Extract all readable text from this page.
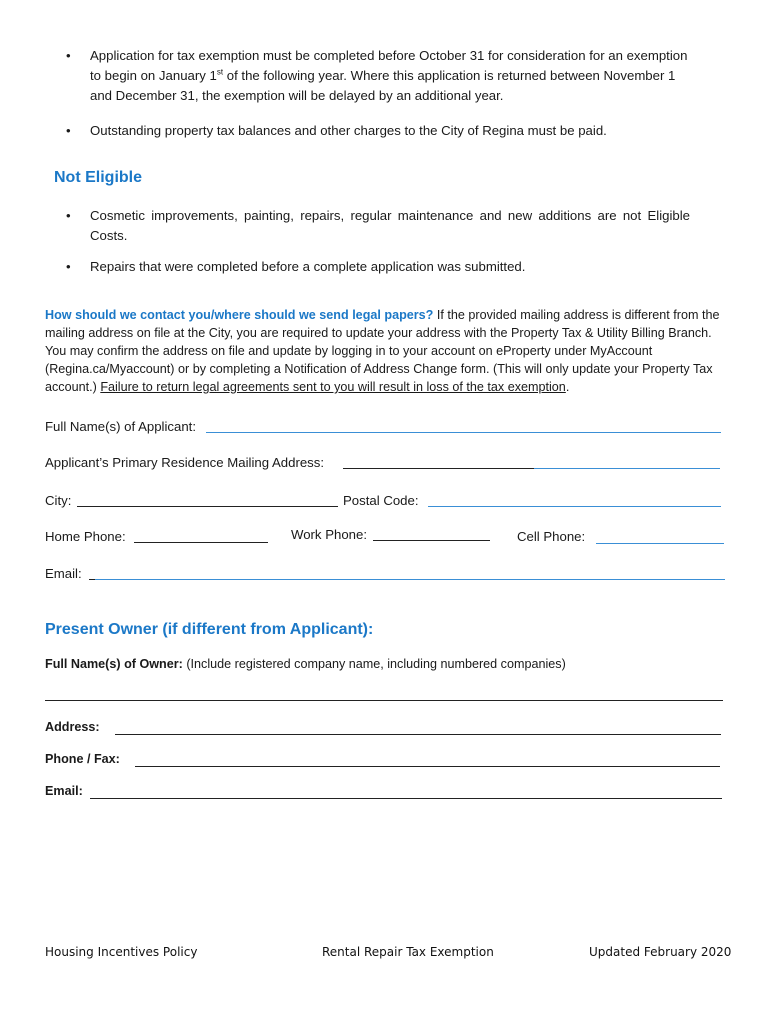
•	Application for tax exemption must be completed before October 31 for consideration for an exemption to begin on January 1st of the following year. Where this application is returned between November 1 and December 31, the exemption will be delayed by an additional year.
•	Outstanding property tax balances and other charges to the City of Regina must be paid.
Not Eligible
•	Cosmetic improvements, painting, repairs, regular maintenance and new additions are not Eligible Costs.
•	Repairs that were completed before a complete application was submitted.
How should we contact you/where should we send legal papers? If the provided mailing address is different from the mailing address on file at the City, you are required to update your address with the Property Tax & Utility Billing Branch. You may confirm the address on file and update by logging in to your account on eProperty under MyAccount (Regina.ca/Myaccount) or by completing a Notification of Address Change form. (This will only update your Property Tax account.) Failure to return legal agreements sent to you will result in loss of the tax exemption.
Full Name(s) of Applicant:
Applicant’s Primary Residence Mailing Address:
City:	Postal Code:
Home Phone:	Work Phone:	Cell Phone:
Email:
Present Owner (if different from Applicant):
Full Name(s) of Owner: (Include registered company name, including numbered companies)
Address:
Phone / Fax:
Email:
Housing Incentives Policy	Rental Repair Tax Exemption	Updated February 2020
